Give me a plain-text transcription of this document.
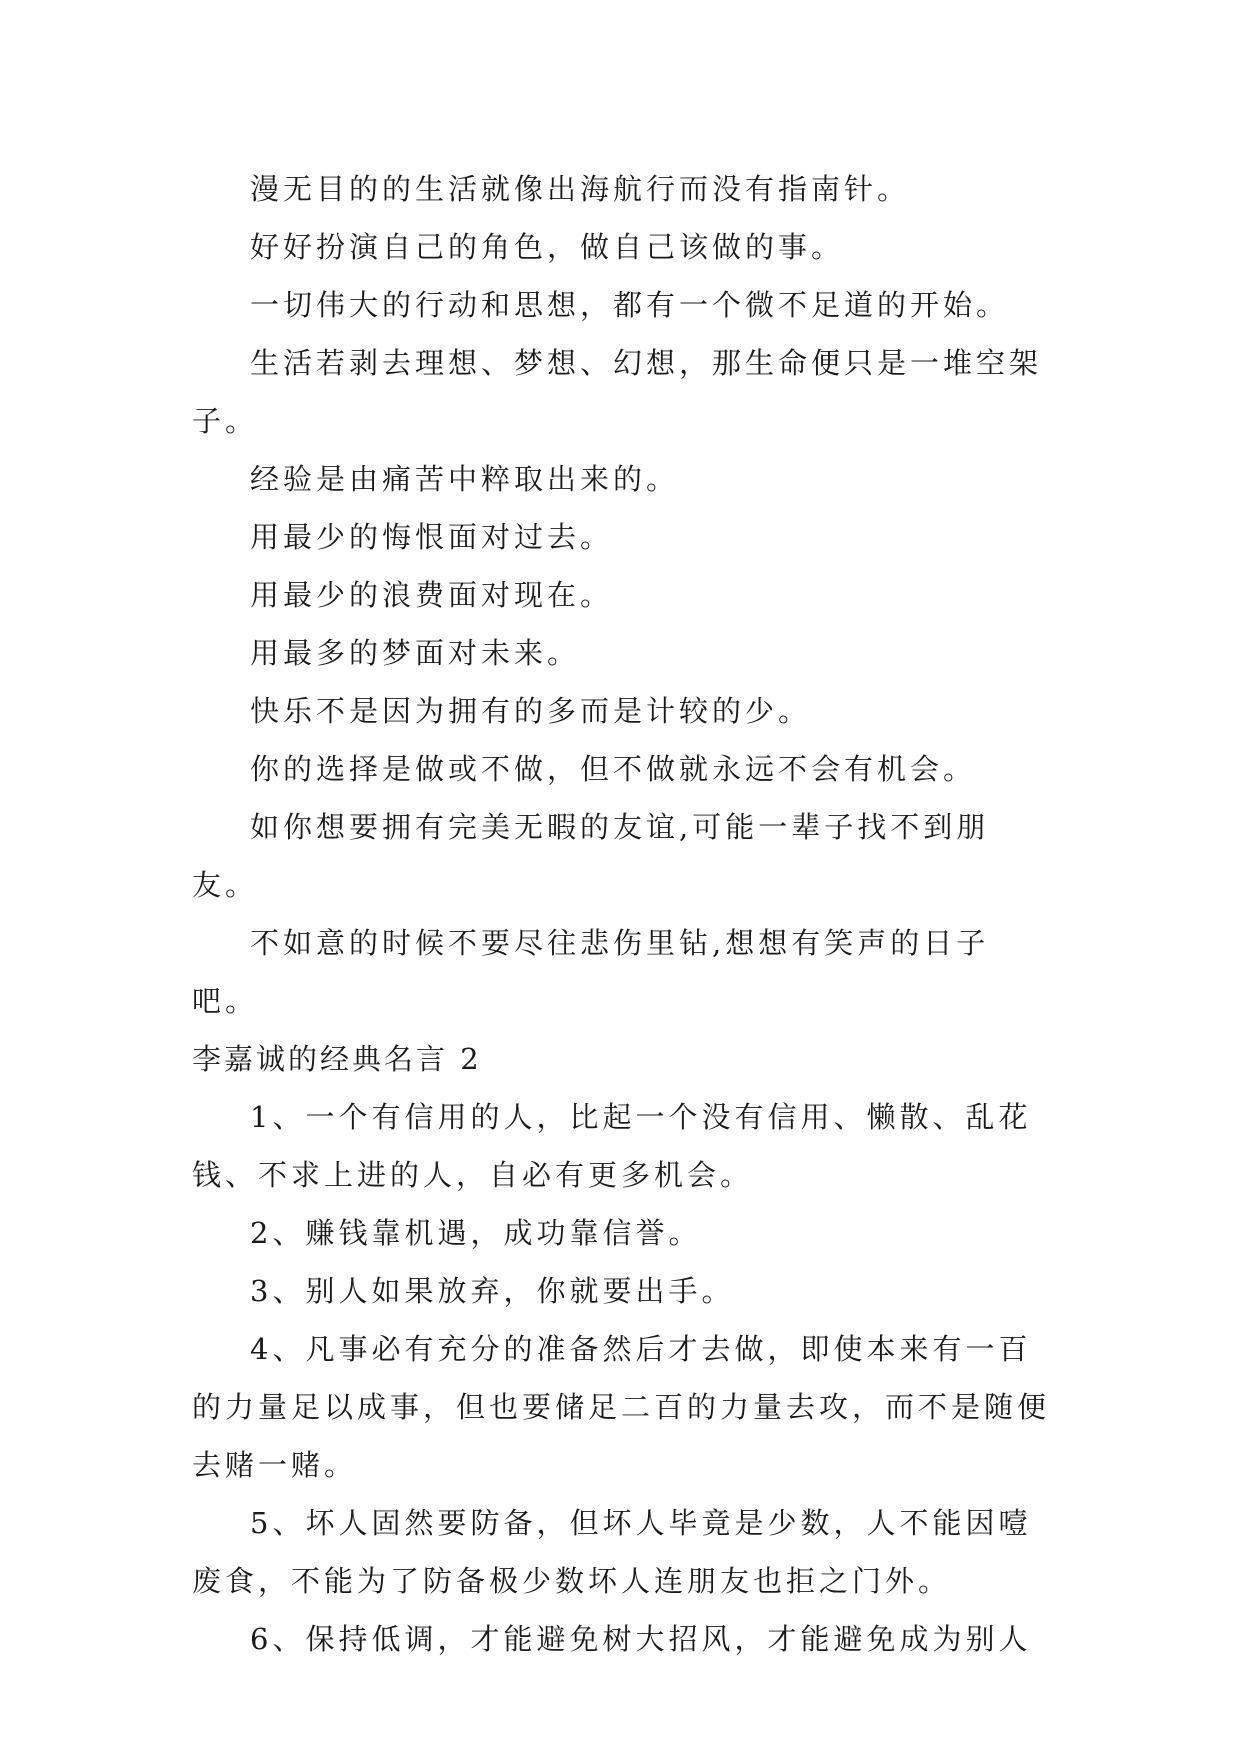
漫无目的的生活就像出海航行而没有指南针。

好好扮演自己的角色，做自己该做的事。

一切伟大的行动和思想，都有一个微不足道的开始。

生活若剥去理想、梦想、幻想，那生命便只是一堆空架子。

经验是由痛苦中粹取出来的。

用最少的悔恨面对过去。

用最少的浪费面对现在。

用最多的梦面对未来。

快乐不是因为拥有的多而是计较的少。

你的选择是做或不做，但不做就永远不会有机会。

如你想要拥有完美无暇的友谊,可能一辈子找不到朋友。

不如意的时候不要尽往悲伤里钻,想想有笑声的日子吧。

李嘉诚的经典名言 2

1、一个有信用的人，比起一个没有信用、懒散、乱花钱、不求上进的人，自必有更多机会。

2、赚钱靠机遇，成功靠信誉。

3、别人如果放弃，你就要出手。

4、凡事必有充分的准备然后才去做，即使本来有一百的力量足以成事，但也要储足二百的力量去攻，而不是随便去赌一赌。

5、坏人固然要防备，但坏人毕竟是少数，人不能因噎废食，不能为了防备极少数坏人连朋友也拒之门外。

6、保持低调，才能避免树大招风，才能避免成为别人
